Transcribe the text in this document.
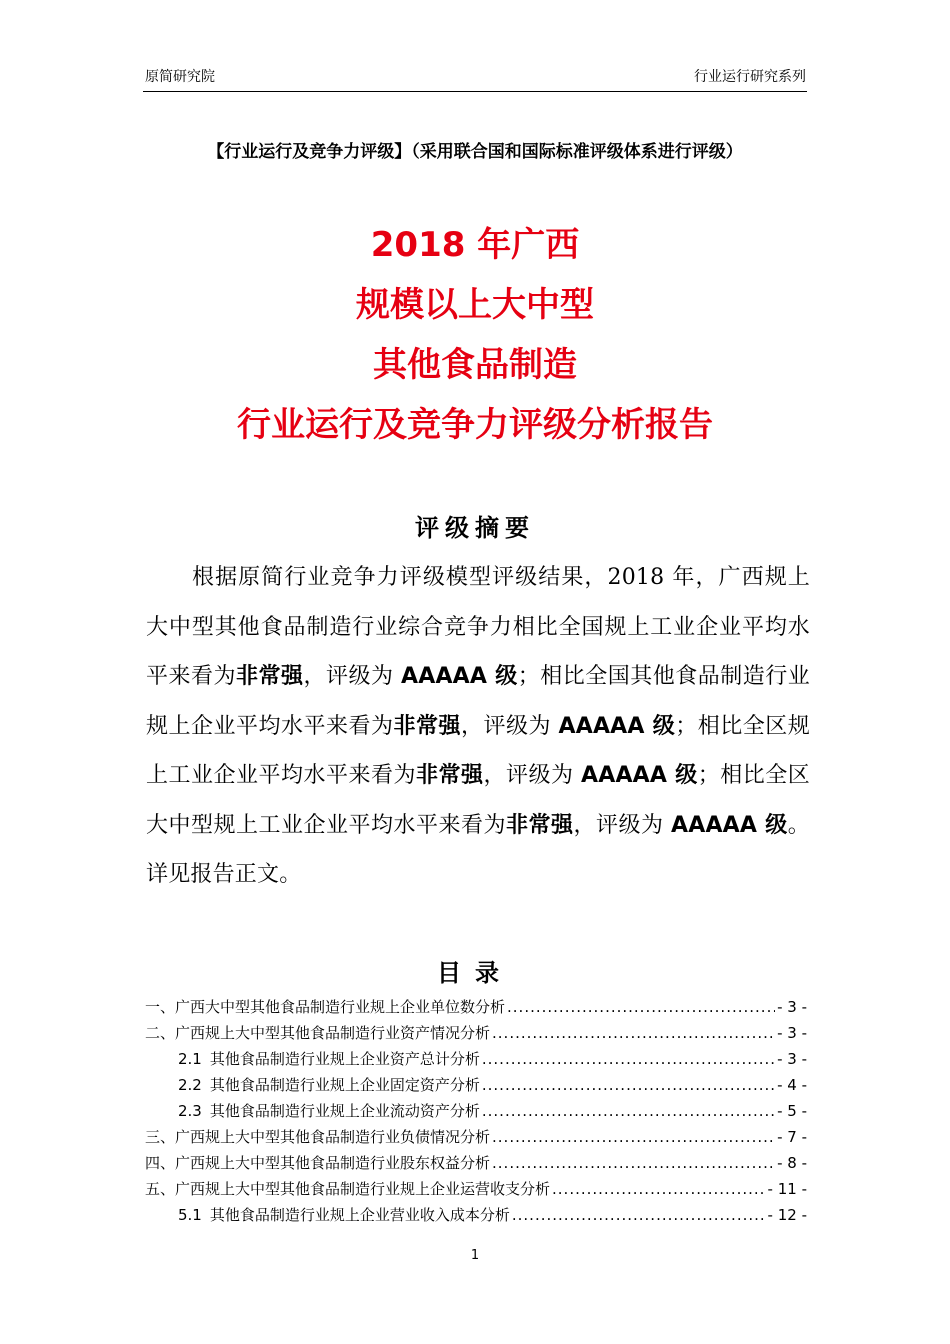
原简研究院	行业运行研究系列
【行业运行及竞争力评级】（采用联合国和国际标准评级体系进行评级）
2018 年广西
规模以上大中型
其他食品制造
行业运行及竞争力评级分析报告
评级摘要
根据原简行业竞争力评级模型评级结果，2018 年，广西规上大中型其他食品制造行业综合竞争力相比全国规上工业企业平均水平来看为非常强，评级为 AAAAA 级；相比全国其他食品制造行业规上企业平均水平来看为非常强，评级为 AAAAA 级；相比全区规上工业企业平均水平来看为非常强，评级为 AAAAA 级；相比全区大中型规上工业企业平均水平来看为非常强，评级为 AAAAA 级。详见报告正文。
目录
一、广西大中型其他食品制造行业规上企业单位数分析 .....	- 3 -
二、广西规上大中型其他食品制造行业资产情况分析 .....	- 3 -
2.1 其他食品制造行业规上企业资产总计分析 .....	- 3 -
2.2 其他食品制造行业规上企业固定资产分析 .....	- 4 -
2.3 其他食品制造行业规上企业流动资产分析 .....	- 5 -
三、广西规上大中型其他食品制造行业负债情况分析 .....	- 7 -
四、广西规上大中型其他食品制造行业股东权益分析 .....	- 8 -
五、广西规上大中型其他食品制造行业规上企业运营收支分析 .....	- 11 -
5.1 其他食品制造行业规上企业营业收入成本分析 .....	- 12 -
1
